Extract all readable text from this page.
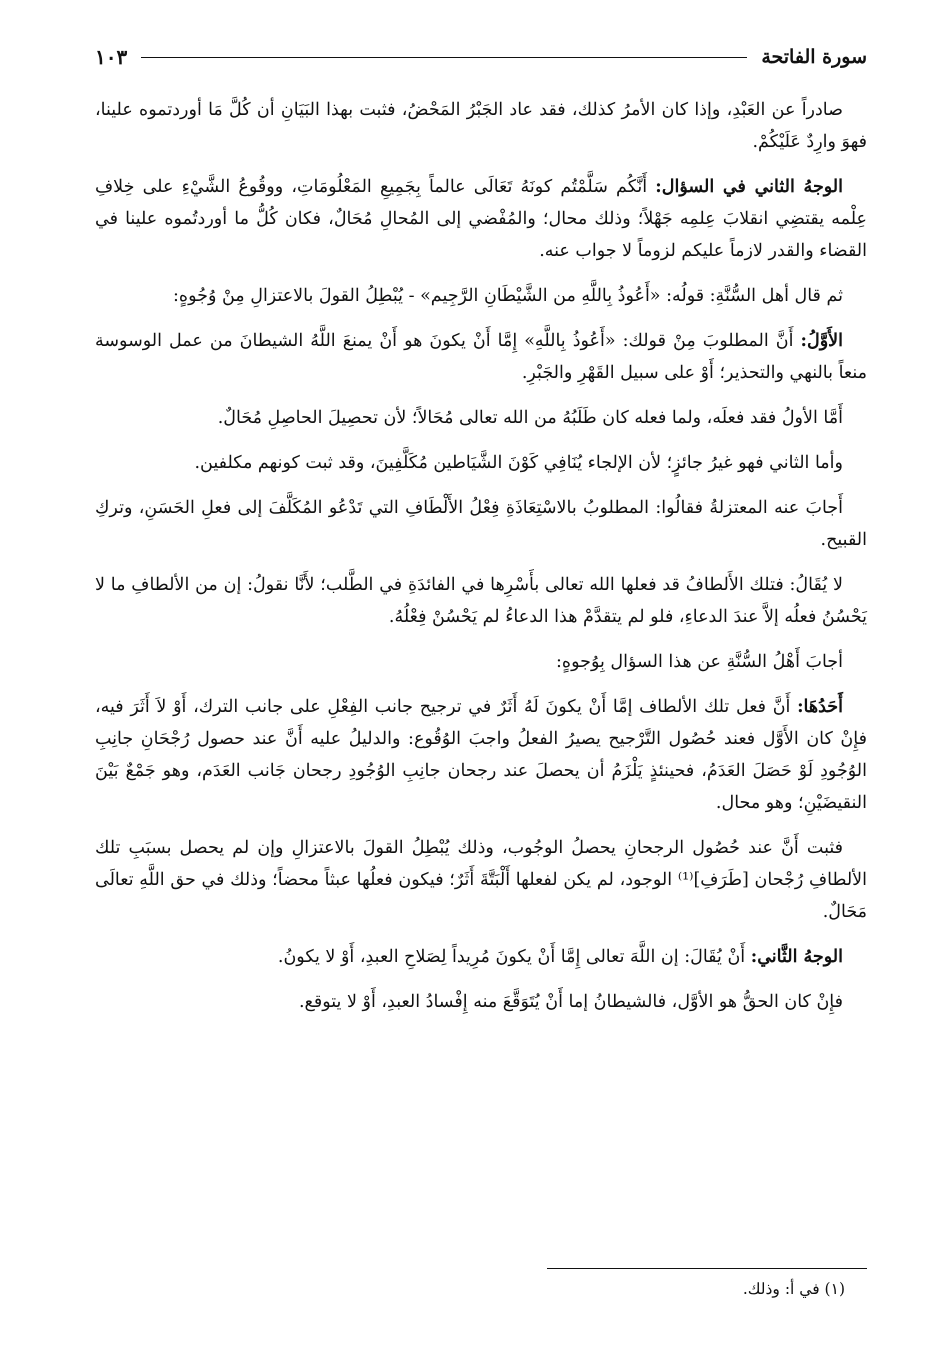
سورة الفاتحة
١٠٣

صادراً عن العَبْدِ، وإذا كان الأمرُ كذلك، فقد عاد الجَبْرُ المَحْضُ، فثبت بهذا البَيَانِ أن كُلَّ مَا أوردتموه علينا، فهوَ وارِدٌ عَلَيْكُمْ.

الوجهُ الثاني في السؤال: أَنَّكُم سَلَّمْتُم كونَهُ تَعَالَى عالماً بِجَمِيعِ المَعْلُومَاتِ، ووقُوعُ الشَّيْءِ على خِلافِ عِلْمه يقتضِي انقلابَ عِلمِه جَهْلاً؛ وذلك محال؛ والمُفْضي إلى المُحالِ مُحَالٌ، فكان كُلُّ ما أوردتُموه علينا في القضاء والقدر لازماً عليكم لزوماً لا جواب عنه.

ثم قال أهل السُّنَّةِ: قولُه: «أَعُوذُ بِاللَّهِ من الشَّيْطَانِ الرَّجِيم» - يُبْطِلُ القولَ بالاعتزالِ مِنْ وُجُوهٍ:

الأَوَّلُ: أَنَّ المطلوبَ مِنْ قولك: «أَعُوذُ بِاللَّهِ» إِمَّا أَنْ يكونَ هو أَنْ يمنعَ اللَّهُ الشيطانَ من عمل الوسوسة منعاً بالنهي والتحذير؛ أَوْ على سبيل القَهْرِ والجَبْرِ.

أَمَّا الأولُ فقد فعلَه، ولما فعله كان طَلَبُهُ من الله تعالى مُحَالاً؛ لأن تحصِيلَ الحاصِلِ مُحَالٌ.

وأما الثاني فهو غيرُ جائزٍ؛ لأن الإلجاء يُنَافِي كَوْنَ الشَّيَاطين مُكَلَّفِينَ، وقد ثبت كونهم مكلفين.

أَجابَ عنه المعتزلةُ فقالُوا: المطلوبُ بالاسْتِعَاذَةِ فِعْلُ الأَلْطَافِ التي تَدْعُو المُكَلَّفَ إلى فعلِ الحَسَنِ، وتركِ القبيح.

لا يُقَالُ: فتلك الأَلطافُ قد فعلها الله تعالى بأَسْرِها في الفائدَةِ في الطَّلب؛ لأَنَّا نقولُ: إن من الألطافِ ما لا يَحْسُنُ فعلُه إلاَّ عندَ الدعاءِ، فلو لم يتقدَّمْ هذا الدعاءُ لم يَحْسُنْ فِعْلُهُ.

أجابَ أَهْلُ السُّنَّةِ عن هذا السؤال بِوُجوهٍ:

أَحَدُهَا: أَنَّ فعل تلك الألطاف إمَّا أَنْ يكونَ لَهُ أَثَرٌ في ترجيح جانب الفِعْلِ على جانب الترك، أَوْ لاَ أَثَرَ فيه، فإِنْ كان الأَوَّل فعند حُصُول التَّرْجيح يصيرُ الفعلُ واجبَ الوُقُوع: والدليلُ عليه أَنَّ عند حصول رُجْحَانِ جانِبِ الوُجُودِ لَوْ حَصَلَ العَدَمُ، فحينئذٍ يَلْزَمُ أن يحصلَ عند رجحان جانِبِ الوُجُودِ رجحان جَانب العَدَم، وهو جَمْعٌ بَيْنَ النقيضَيْنِ؛ وهو محال.

فثبت أَنَّ عند حُصُول الرجحانِ يحصلُ الوجُوب، وذلك يُبْطِلُ القولَ بالاعتزالِ وإن لم يحصل بسبَبِ تلك الألطافِ رُجْحان [طَرَفِ]⁽¹⁾ الوجود، لم يكن لفعلها أَلْبَتَّةَ أَثَرٌ؛ فيكون فعلُها عبثاً محضاً؛ وذلك في حق اللَّهِ تعالَى مَحَالٌ.

الوجهُ الثَّاني: أَنْ يُقَالَ: إن اللَّهَ تعالى إِمَّا أَنْ يكونَ مُرِيداً لِصَلاحِ العبدِ، أَوْ لا يكونُ.

فإِنْ كان الحقُّ هو الأوَّل، فالشيطانُ إما أَنْ يُتَوَقَّعَ منه إِفْسادُ العبدِ، أَوْ لا يتوقع.

(١) في أ: وذلك.
